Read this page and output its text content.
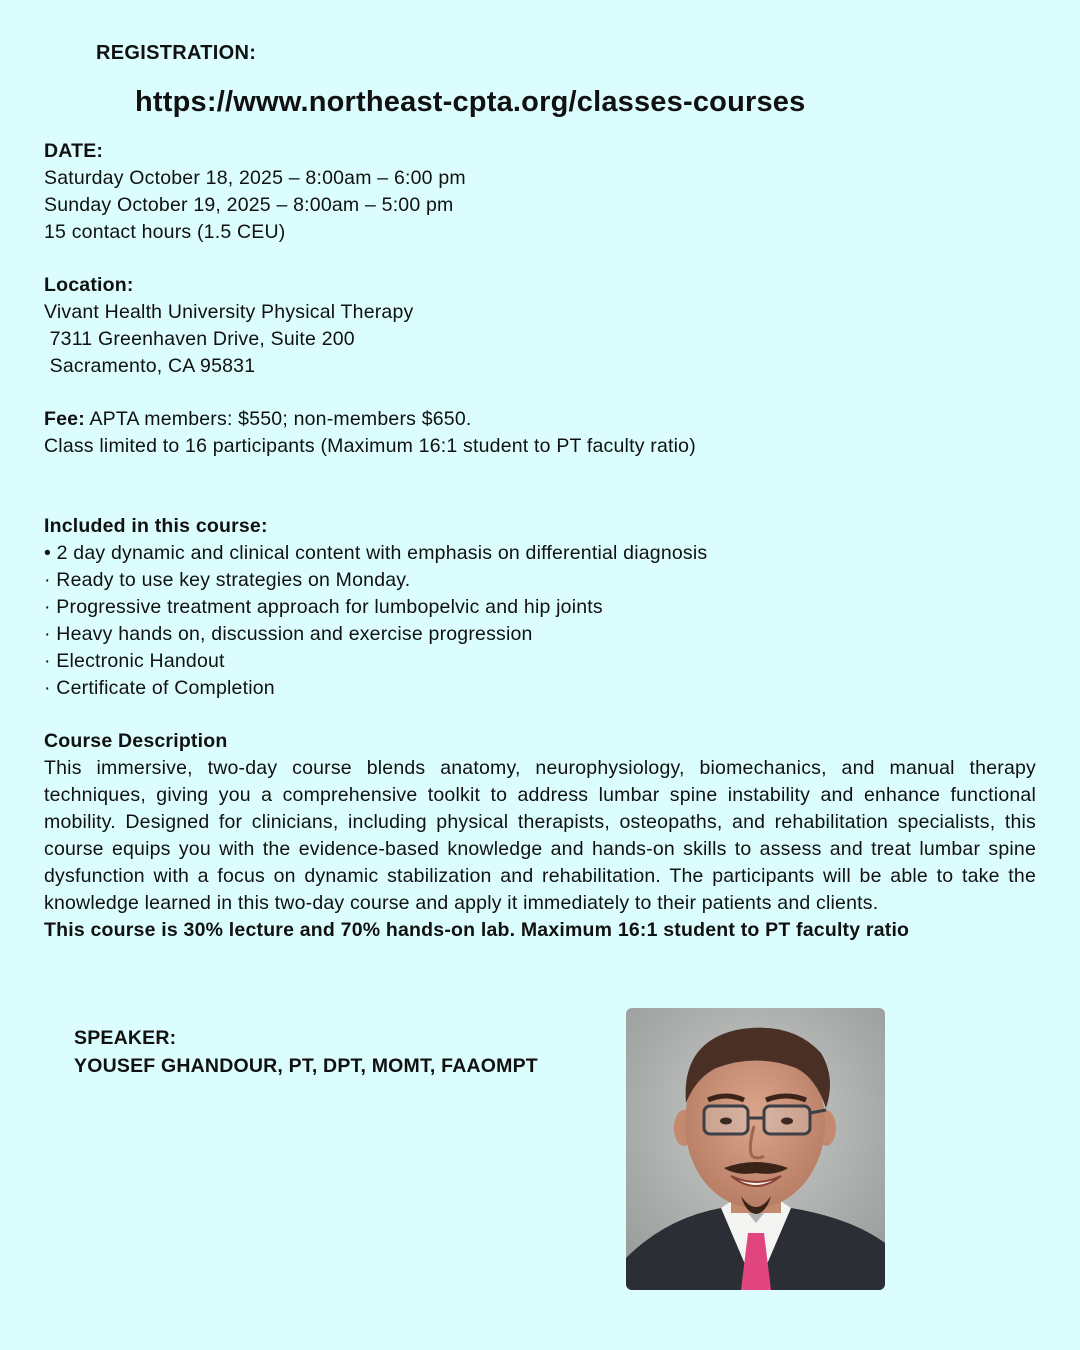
REGISTRATION:
https://www.northeast-cpta.org/classes-courses
DATE:
Saturday October 18, 2025 – 8:00am – 6:00 pm
Sunday October 19, 2025 – 8:00am – 5:00 pm
15 contact hours (1.5 CEU)
Location:
Vivant Health University Physical Therapy
7311 Greenhaven Drive, Suite 200
Sacramento, CA 95831
Fee: APTA members: $550; non-members $650.
Class limited to 16 participants (Maximum 16:1 student to PT faculty ratio)
Included in this course:
• 2 day dynamic and clinical content with emphasis on differential diagnosis
· Ready to use key strategies on Monday.
· Progressive treatment approach for lumbopelvic and hip joints
· Heavy hands on, discussion and exercise progression
· Electronic Handout
· Certificate of Completion
Course Description
This immersive, two-day course blends anatomy, neurophysiology, biomechanics, and manual therapy techniques, giving you a comprehensive toolkit to address lumbar spine instability and enhance functional mobility. Designed for clinicians, including physical therapists, osteopaths, and rehabilitation specialists, this course equips you with the evidence-based knowledge and hands-on skills to assess and treat lumbar spine dysfunction with a focus on dynamic stabilization and rehabilitation. The participants will be able to take the knowledge learned in this two-day course and apply it immediately to their patients and clients.
This course is 30% lecture and 70% hands-on lab. Maximum 16:1 student to PT faculty ratio
SPEAKER:
YOUSEF GHANDOUR, PT, DPT, MOMT, FAAOMPT
